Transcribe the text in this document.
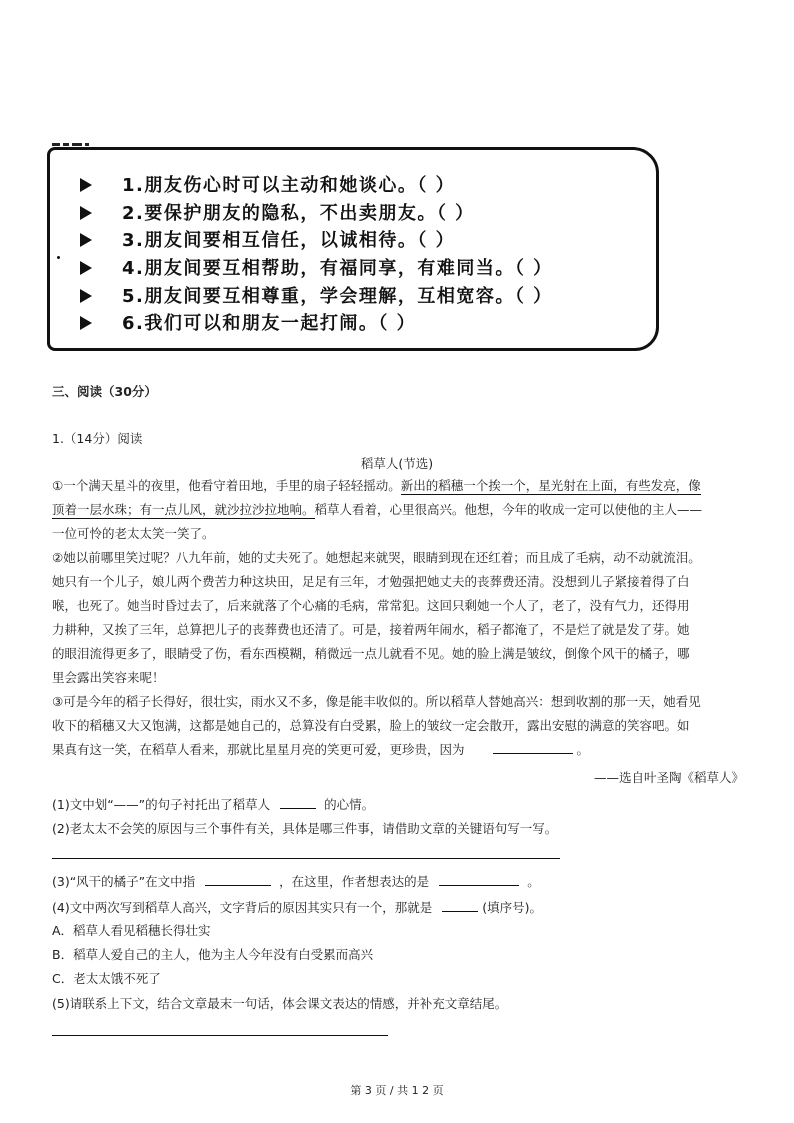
1.朋友伤心时可以主动和她谈心。（ ）
2.要保护朋友的隐私，不出卖朋友。（ ）
3.朋友间要相互信任，以诚相待。（ ）
4.朋友间要互相帮助，有福同享，有难同当。（ ）
5.朋友间要互相尊重，学会理解，互相宽容。（ ）
6.我们可以和朋友一起打闹。（ ）
三、阅读（30分）
1.（14分）阅读
稻草人(节选)
①一个满天星斗的夜里，他看守着田地，手里的扇子轻轻摇动。新出的稻穗一个挨一个，星光射在上面，有些发亮，像
顶着一层水珠；有一点儿风，就沙拉沙拉地响。稻草人看着，心里很高兴。他想，今年的收成一定可以使他的主人——
一位可怜的老太太笑一笑了。
②她以前哪里笑过呢？八九年前，她的丈夫死了。她想起来就哭，眼睛到现在还红着；而且成了毛病，动不动就流泪。
她只有一个儿子，娘儿两个费苦力种这块田，足足有三年，才勉强把她丈夫的丧葬费还清。没想到儿子紧接着得了白
喉，也死了。她当时昏过去了，后来就落了个心痛的毛病，常常犯。这回只剩她一个人了，老了，没有气力，还得用
力耕种，又挨了三年，总算把儿子的丧葬费也还清了。可是，接着两年闹水，稻子都淹了，不是烂了就是发了芽。她
的眼泪流得更多了，眼睛受了伤，看东西模糊，稍微远一点儿就看不见。她的脸上满是皱纹，倒像个风干的橘子，哪
里会露出笑容来呢！
③可是今年的稻子长得好，很壮实，雨水又不多，像是能丰收似的。所以稻草人替她高兴：想到收割的那一天，她看见
收下的稻穗又大又饱满，这都是她自己的，总算没有白受累，脸上的皱纹一定会散开，露出安慰的满意的笑容吧。如
果真有这一笑，在稻草人看来，那就比星星月亮的笑更可爱，更珍贵，因为	。
——选自叶圣陶《稻草人》
(1)文中划“——”的句子衬托出了稻草人	的心情。
(2)老太太不会笑的原因与三个事件有关，具体是哪三件事，请借助文章的关键语句写一写。
(3)“风干的橘子”在文中指	，在这里，作者想表达的是	。
(4)文中两次写到稻草人高兴，文字背后的原因其实只有一个，那就是	(填序号)。
A．稻草人看见稻穗长得壮实
B．稻草人爱自己的主人，他为主人今年没有白受累而高兴
C．老太太饿不死了
(5)请联系上下文，结合文章最末一句话，体会课文表达的情感，并补充文章结尾。
第 3 页 / 共 1 2 页
